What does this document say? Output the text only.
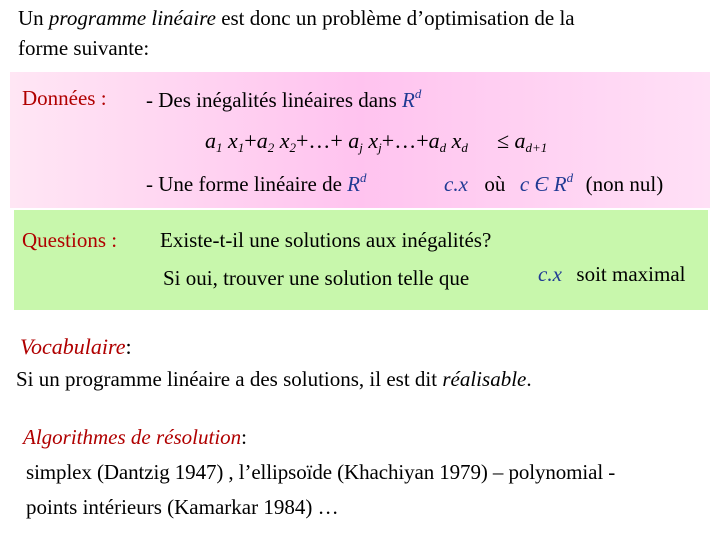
Un programme linéaire est donc un problème d’optimisation de la
forme suivante:
Données : - Des inégalités linéaires dans $R^d$
$a_1$ $x_1+a_2$ $x_2+\dots+ a_j$ $x_j+\dots+a_d$ $x_d \le a_{d+1}$
- Une forme linéaire de $R^d$	c.x où c Є $R^d$ (non nul)
Questions : Existe-t-il une solutions aux inégalités?
Si oui, trouver une solution telle que	c.x soit maximal
Vocabulaire:
Si un programme linéaire a des solutions, il est dit réalisable.
Algorithmes de résolution:
simplex (Dantzig 1947) , l’ellipsoïde (Khachiyan 1979) – polynomial -
points intérieurs (Kamarkar 1984) …
